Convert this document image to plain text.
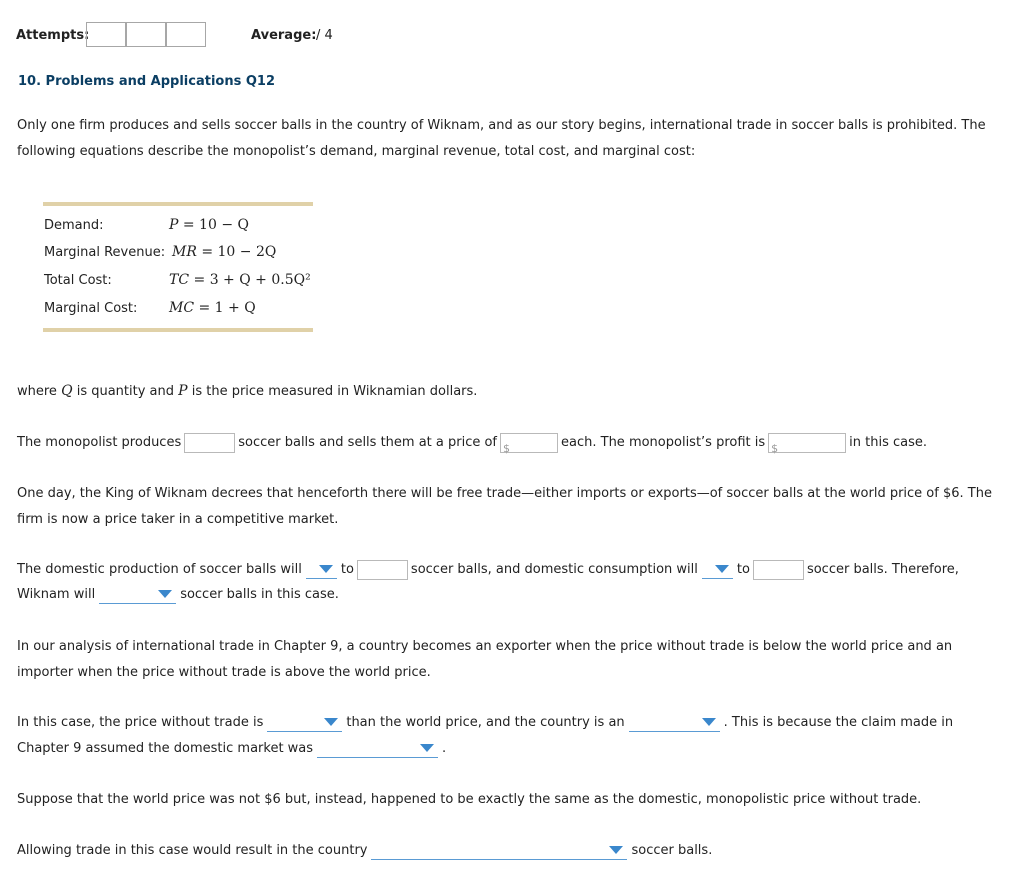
Attempts:	Average: / 4
10. Problems and Applications Q12
Only one firm produces and sells soccer balls in the country of Wiknam, and as our story begins, international trade in soccer balls is prohibited. The following equations describe the monopolist’s demand, marginal revenue, total cost, and marginal cost:
Demand:	P = 10 − Q
Marginal Revenue: MR = 10 − 2Q
Total Cost:	TC = 3 + Q + 0.5Q²
Marginal Cost: MC = 1 + Q
where Q is quantity and P is the price measured in Wiknamian dollars.
The monopolist produces	soccer balls and sells them at a price of $	each. The monopolist’s profit is $	in this case.
One day, the King of Wiknam decrees that henceforth there will be free trade—either imports or exports—of soccer balls at the world price of $6. The firm is now a price taker in a competitive market.
The domestic production of soccer balls will	to	soccer balls, and domestic consumption will	to	soccer balls. Therefore,
Wiknam will	soccer balls in this case.
In our analysis of international trade in Chapter 9, a country becomes an exporter when the price without trade is below the world price and an importer when the price without trade is above the world price.
In this case, the price without trade is	than the world price, and the country is an	. This is because the claim made in
Chapter 9 assumed the domestic market was	.
Suppose that the world price was not $6 but, instead, happened to be exactly the same as the domestic, monopolistic price without trade.
Allowing trade in this case would result in the country	soccer balls.
